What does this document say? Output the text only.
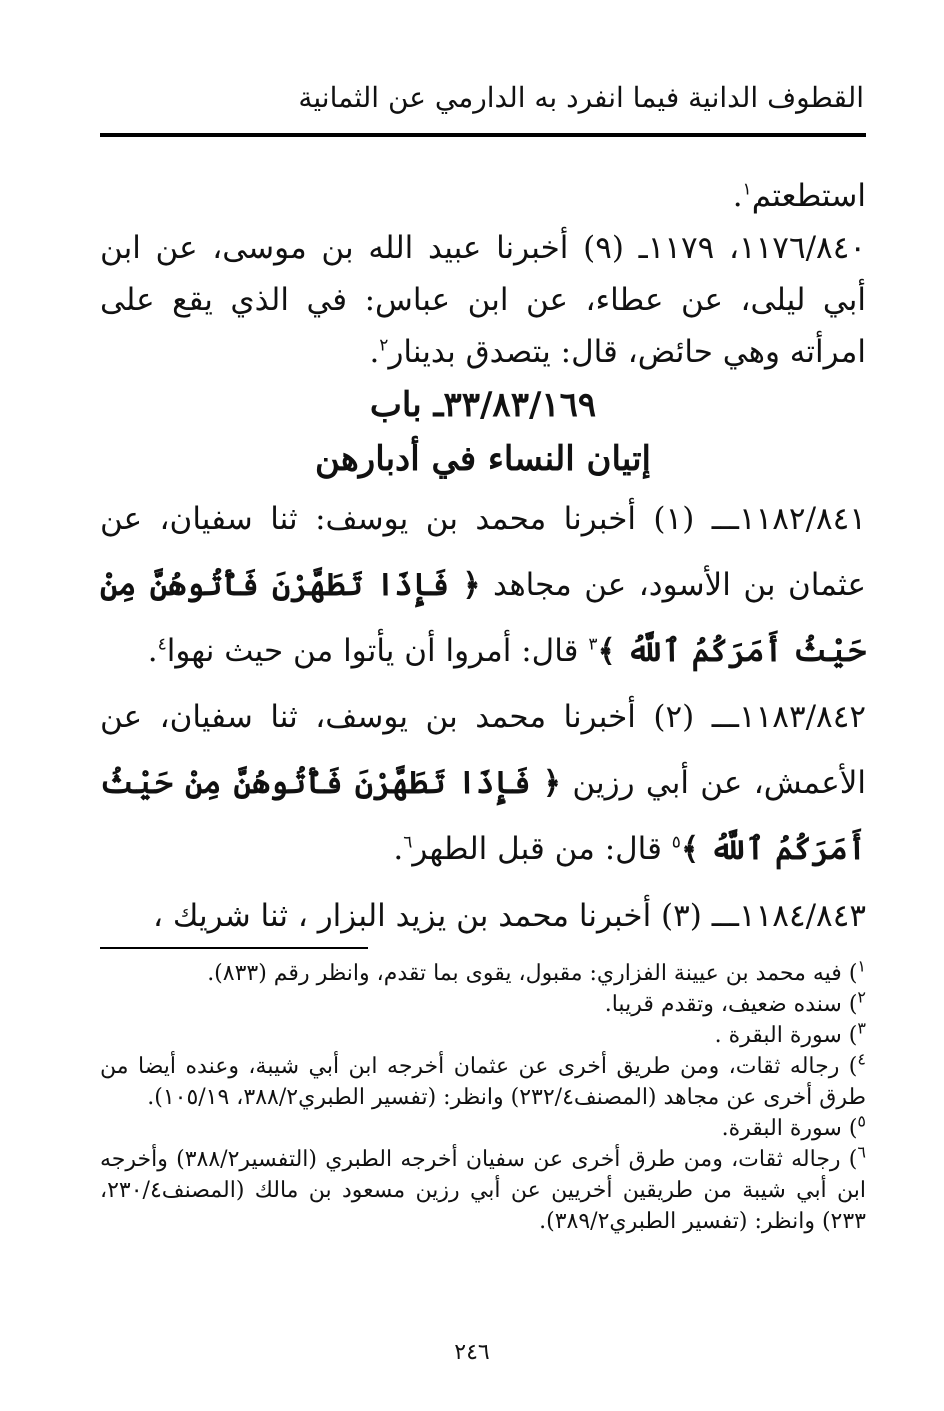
القطوف الدانية فيما انفرد به الدارمي عن الثمانية

استطعتم$^١$.

١١٧٦/٨٤٠، ١١٧٩ـ (٩) أخبرنا عبيد الله بن موسى، عن ابن أبي ليلى، عن عطاء، عن ابن عباس: في الذي يقع على امرأته وهي حائض، قال: يتصدق بدينار$^٢$.

٣٣/٨٣/١٦٩ـ باب

إتيان النساء في أدبارهن

١١٨٢/٨٤١ـــ (١) أخبرنا محمد بن يوسف: ثنا سفيان، عن عثمان بن الأسود، عن مجاهد ﴿ فَإِذَا تَطَهَّرْنَ فَأْتُوهُنَّ مِنْ حَيْثُ أَمَرَكُمُ ٱللَّهُ ﴾$^٣$ قال: أمروا أن يأتوا من حيث نهوا$^٤$.

١١٨٣/٨٤٢ـــ (٢) أخبرنا محمد بن يوسف، ثنا سفيان، عن الأعمش، عن أبي رزين ﴿ فَإِذَا تَطَهَّرْنَ فَأْتُوهُنَّ مِنْ حَيْثُ أَمَرَكُمُ ٱللَّهُ ﴾$^٥$ قال: من قبل الطهر$^٦$.

١١٨٤/٨٤٣ـــ (٣) أخبرنا محمد بن يزيد البزار ، ثنا شريك ،

$^١$) فيه محمد بن عيينة الفزاري: مقبول، يقوى بما تقدم، وانظر رقم (٨٣٣).

$^٢$) سنده ضعيف، وتقدم قريبا.

$^٣$) سورة البقرة .

$^٤$) رجاله ثقات، ومن طريق أخرى عن عثمان أخرجه ابن أبي شيبة، وعنده أيضا من طرق أخرى عن مجاهد (المصنف٢٣٢/٤) وانظر: (تفسير الطبري٣٨٨/٢، ١٠٥/١٩).

$^٥$) سورة البقرة.

$^٦$) رجاله ثقات، ومن طرق أخرى عن سفيان أخرجه الطبري (التفسير٣٨٨/٢) وأخرجه ابن أبي شيبة من طريقين أخريين عن أبي رزين مسعود بن مالك (المصنف٢٣٠/٤، ٢٣٣) وانظر: (تفسير الطبري٣٨٩/٢).

٢٤٦
